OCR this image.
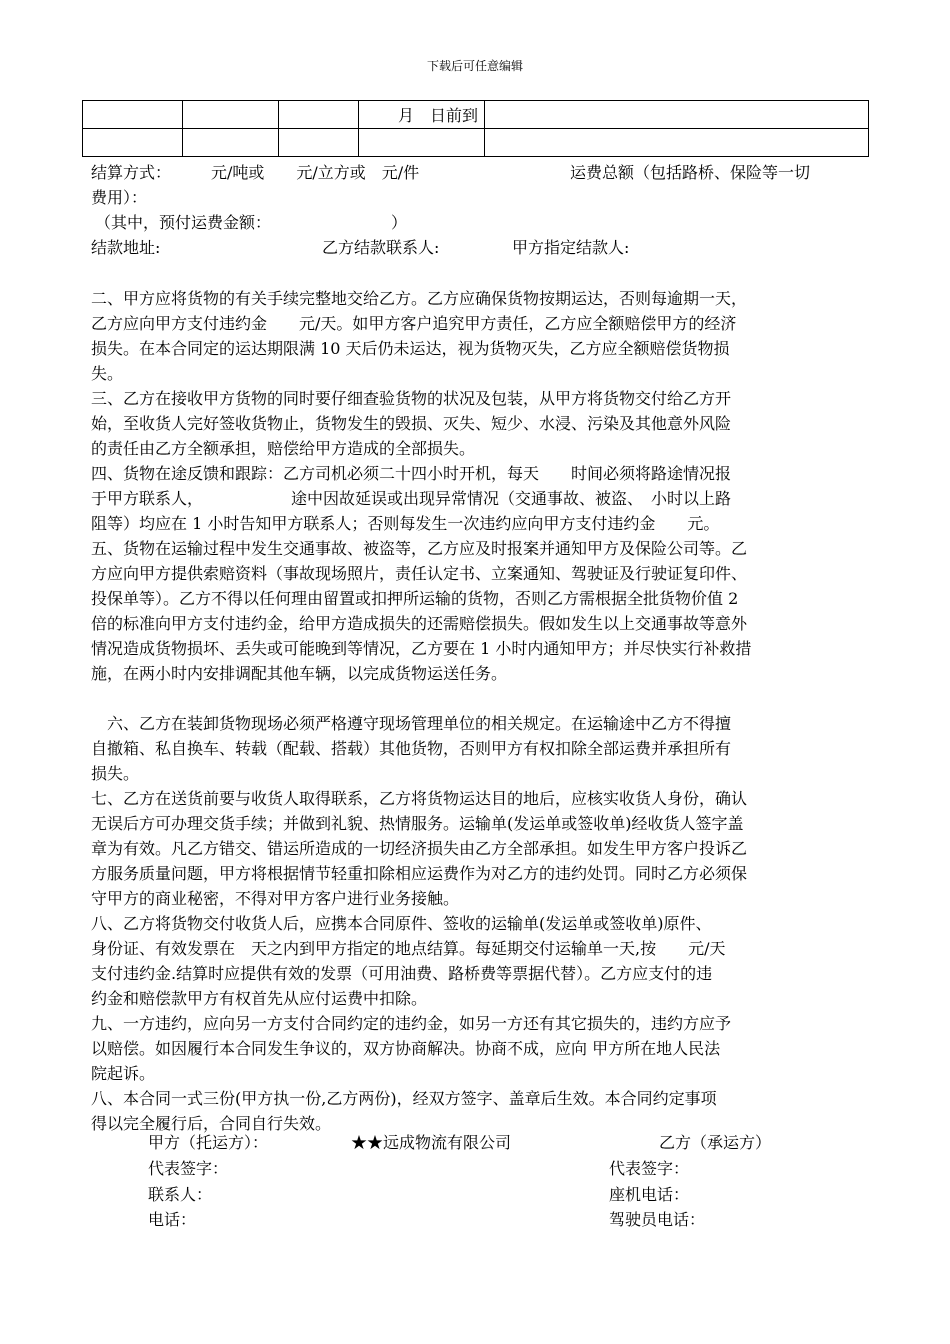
下载后可任意编辑
			月　日前到	

结算方式：　　　元/吨或　　元/立方或　元/件	运费总额（包括路桥、保险等一切
费用）：
（其中，预付运费金额：　　　　　　　　）
结款地址:	乙方结款联系人:	甲方指定结款人:
二、甲方应将货物的有关手续完整地交给乙方。乙方应确保货物按期运达，否则每逾期一天，
乙方应向甲方支付违约金　　元/天。如甲方客户追究甲方责任，乙方应全额赔偿甲方的经济
损失。在本合同定的运达期限满 10 天后仍未运达，视为货物灭失，乙方应全额赔偿货物损
失。
三、乙方在接收甲方货物的同时要仔细查验货物的状况及包装，从甲方将货物交付给乙方开
始，至收货人完好签收货物止，货物发生的毁损、灭失、短少、水浸、污染及其他意外风险
的责任由乙方全额承担，赔偿给甲方造成的全部损失。
四、货物在途反馈和跟踪：乙方司机必须二十四小时开机，每天　　时间必须将路途情况报
于甲方联系人，　　　　　　途中因故延误或出现异常情况（交通事故、被盗、　小时以上路
阻等）均应在 1 小时告知甲方联系人；否则每发生一次违约应向甲方支付违约金　　元。
五、货物在运输过程中发生交通事故、被盗等，乙方应及时报案并通知甲方及保险公司等。乙
方应向甲方提供索赔资料（事故现场照片，责任认定书、立案通知、驾驶证及行驶证复印件、
投保单等）。乙方不得以任何理由留置或扣押所运输的货物，否则乙方需根据全批货物价值 2
倍的标准向甲方支付违约金，给甲方造成损失的还需赔偿损失。假如发生以上交通事故等意外
情况造成货物损坏、丢失或可能晚到等情况，乙方要在 1 小时内通知甲方；并尽快实行补救措
施，在两小时内安排调配其他车辆，以完成货物运送任务。
　六、乙方在装卸货物现场必须严格遵守现场管理单位的相关规定。在运输途中乙方不得擅
自撤箱、私自换车、转载（配载、搭载）其他货物，否则甲方有权扣除全部运费并承担所有
损失。
七、乙方在送货前要与收货人取得联系，乙方将货物运达目的地后，应核实收货人身份，确认
无误后方可办理交货手续；并做到礼貌、热情服务。运输单(发运单或签收单)经收货人签字盖
章为有效。凡乙方错交、错运所造成的一切经济损失由乙方全部承担。如发生甲方客户投诉乙
方服务质量问题，甲方将根据情节轻重扣除相应运费作为对乙方的违约处罚。同时乙方必须保
守甲方的商业秘密，不得对甲方客户进行业务接触。
八、乙方将货物交付收货人后，应携本合同原件、签收的运输单(发运单或签收单)原件、
身份证、有效发票在　天之内到甲方指定的地点结算。每延期交付运输单一天,按　　元/天
支付违约金.结算时应提供有效的发票（可用油费、路桥费等票据代替）。乙方应支付的违
约金和赔偿款甲方有权首先从应付运费中扣除。
九、一方违约，应向另一方支付合同约定的违约金，如另一方还有其它损失的，违约方应予
以赔偿。如因履行本合同发生争议的，双方协商解决。协商不成，应向 甲方所在地人民法
院起诉。
八、本合同一式三份(甲方执一份,乙方两份)，经双方签字、盖章后生效。本合同约定事项
得以完全履行后，合同自行失效。
甲方（托运方）：	★★远成物流有限公司	乙方（承运方）
代表签字：	代表签字：
联系人：	座机电话：
电话：	驾驶员电话：
